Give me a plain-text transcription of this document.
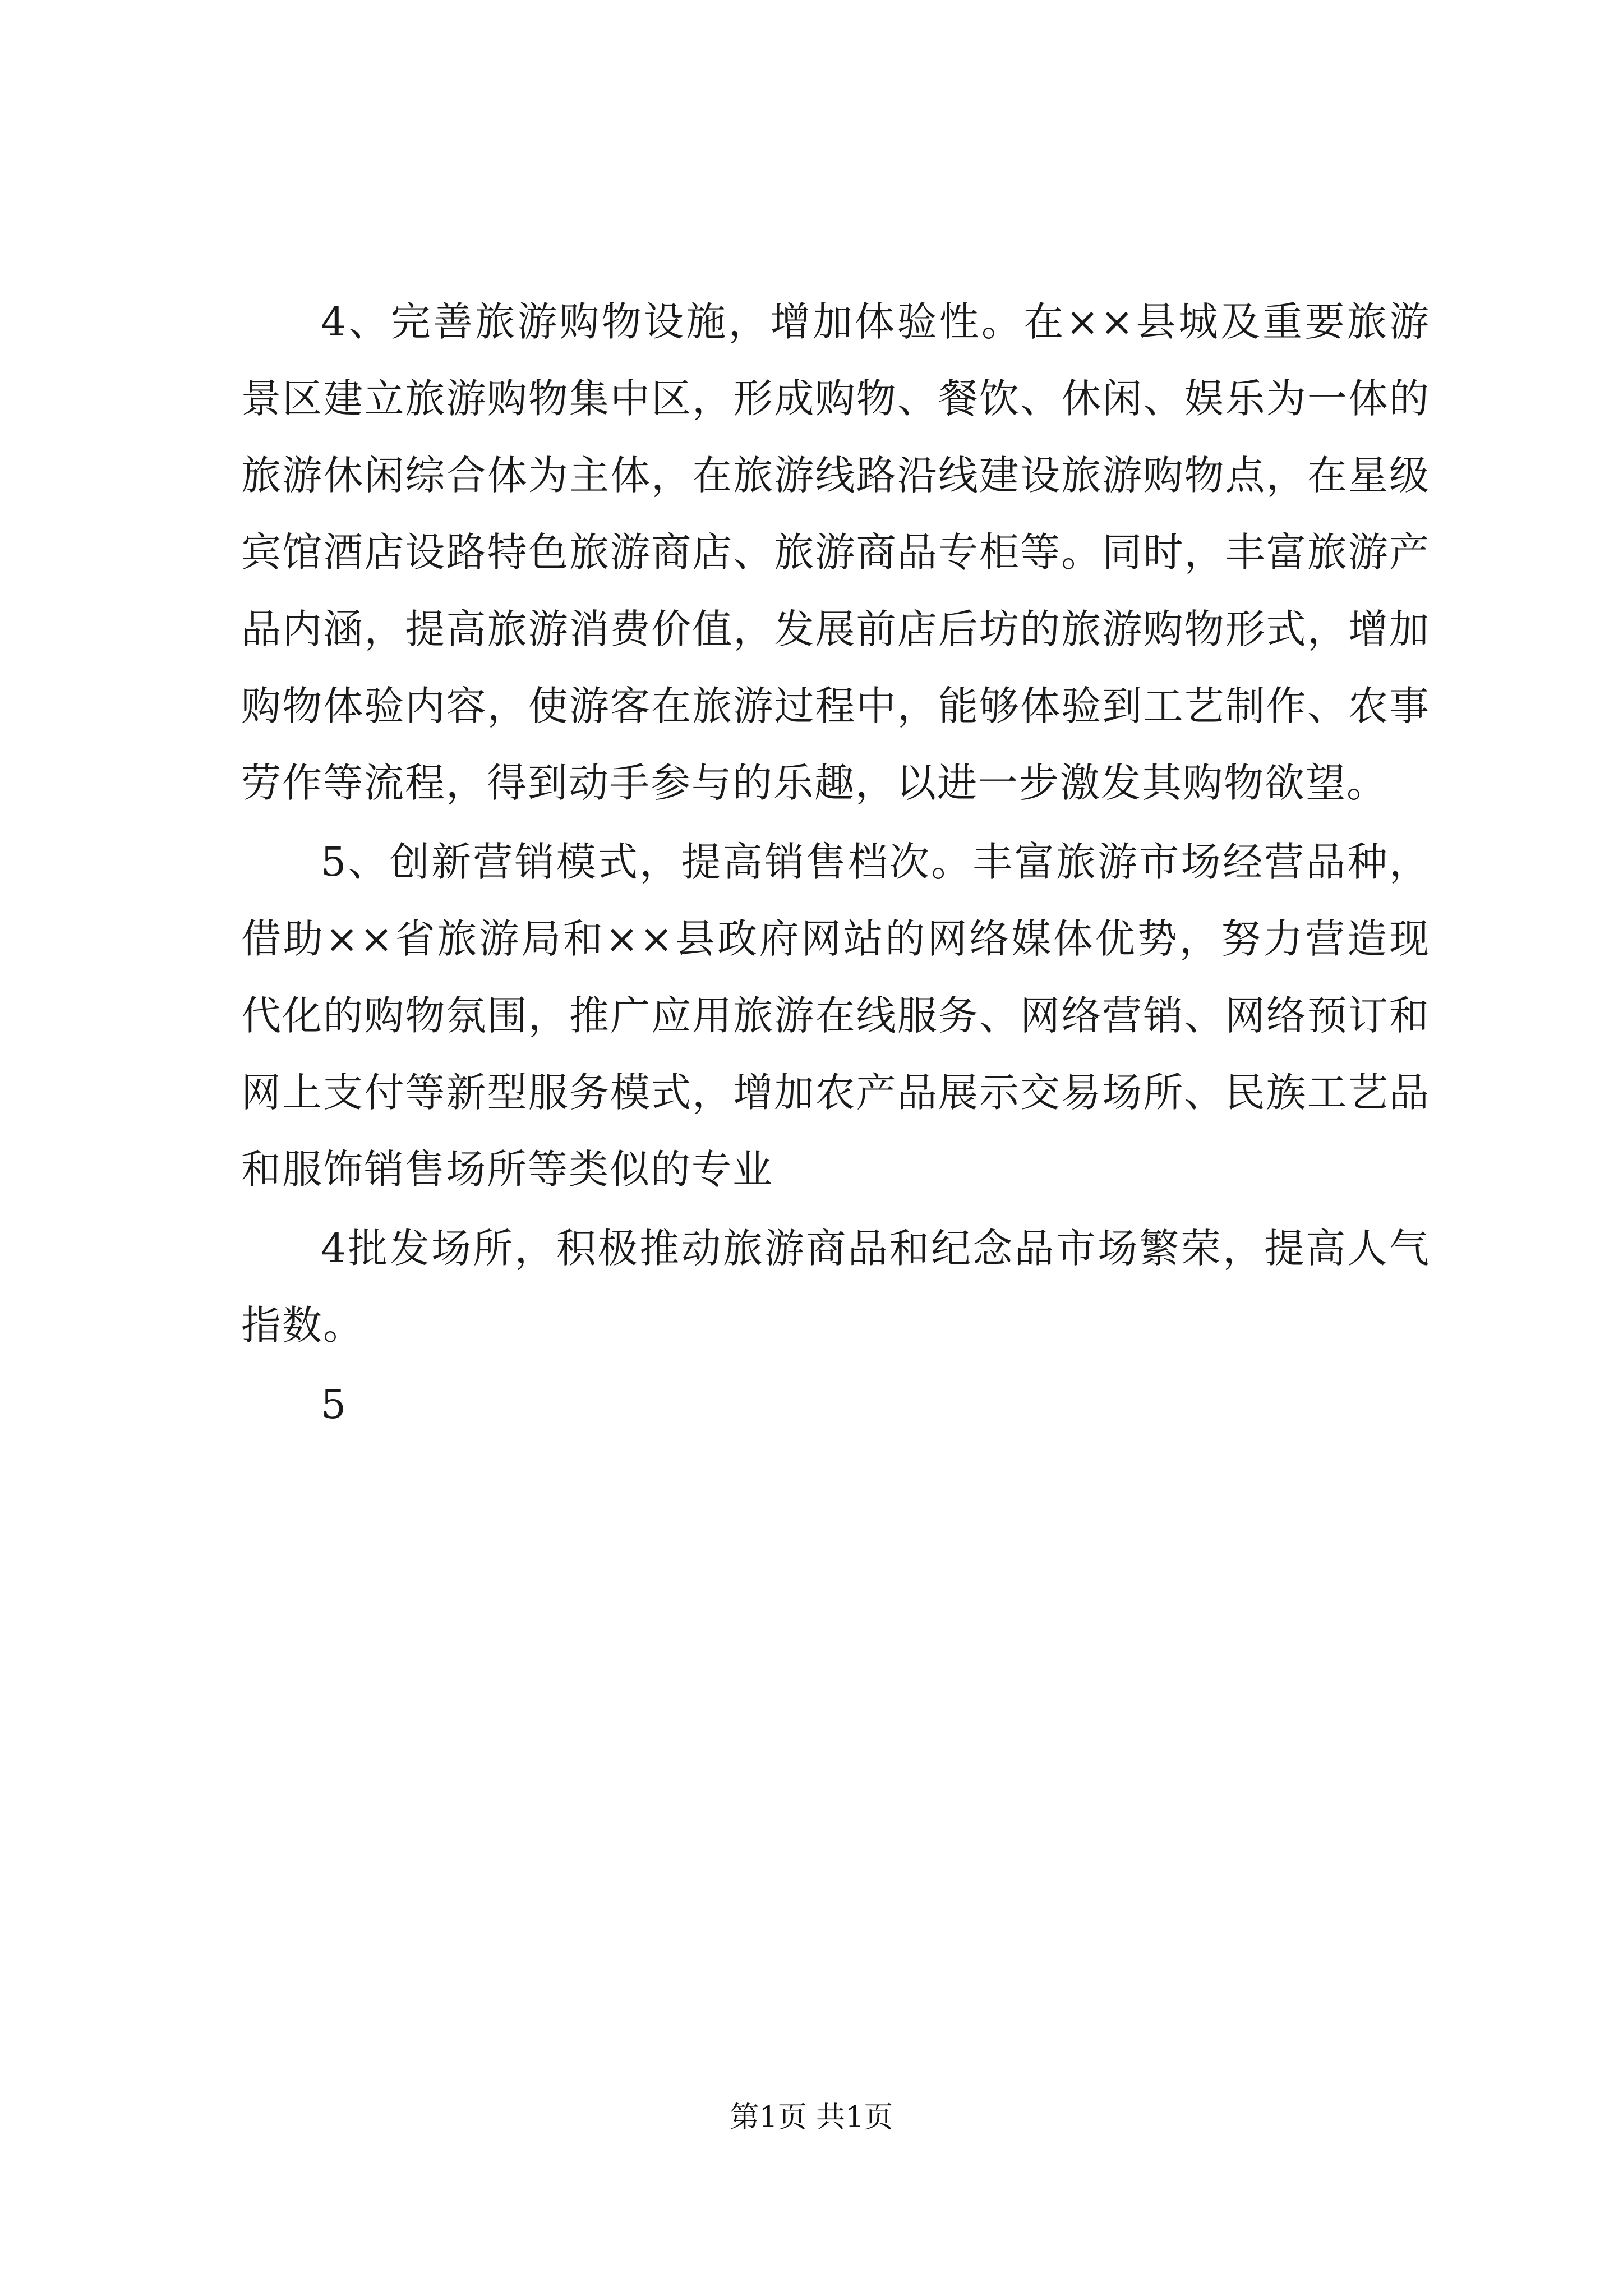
4、完善旅游购物设施，增加体验性。在××县城及重要旅游景区建立旅游购物集中区，形成购物、餐饮、休闲、娱乐为一体的旅游休闲综合体为主体，在旅游线路沿线建设旅游购物点，在星级宾馆酒店设路特色旅游商店、旅游商品专柜等。同时，丰富旅游产品内涵，提高旅游消费价值，发展前店后坊的旅游购物形式，增加购物体验内容，使游客在旅游过程中，能够体验到工艺制作、农事劳作等流程，得到动手参与的乐趣，以进一步激发其购物欲望。

5、创新营销模式，提高销售档次。丰富旅游市场经营品种，借助××省旅游局和××县政府网站的网络媒体优势，努力营造现代化的购物氛围，推广应用旅游在线服务、网络营销、网络预订和网上支付等新型服务模式，增加农产品展示交易场所、民族工艺品和服饰销售场所等类似的专业

4批发场所，积极推动旅游商品和纪念品市场繁荣，提高人气指数。

5

第1页 共1页
